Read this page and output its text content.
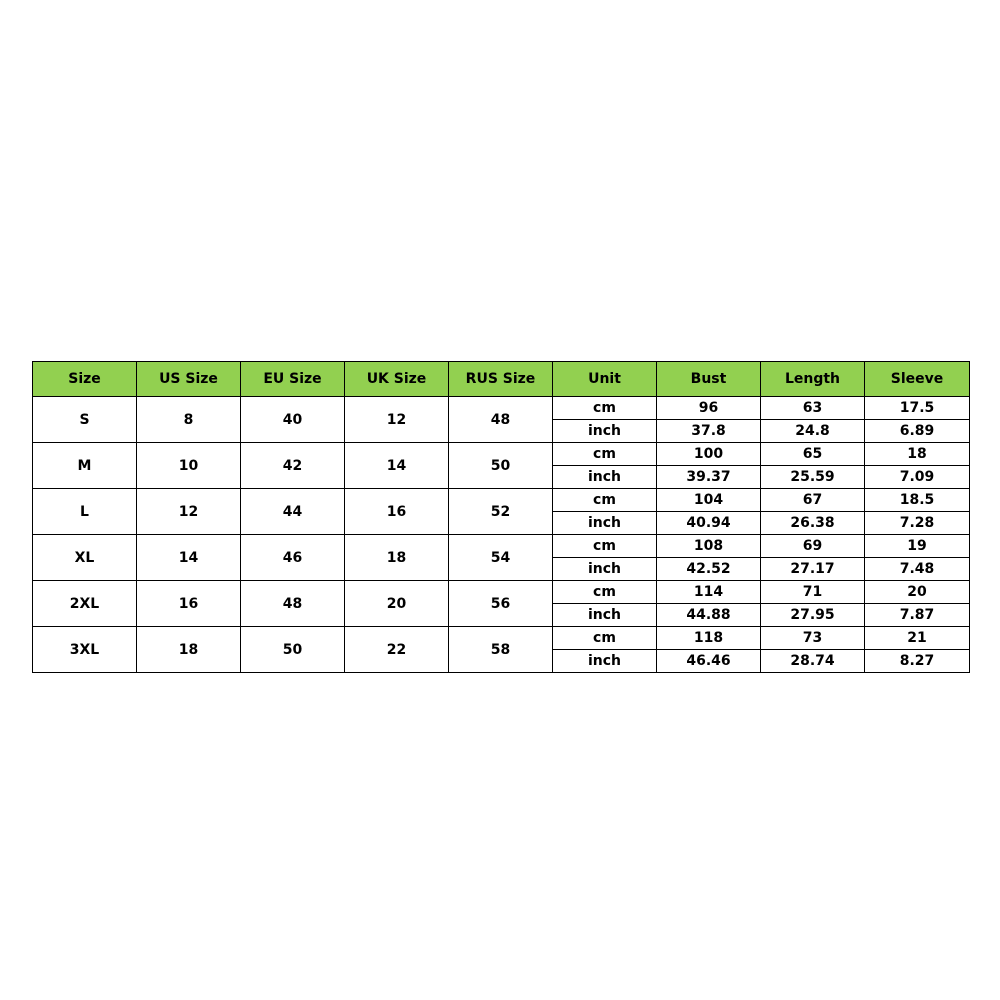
Size	US Size	EU Size	UK Size	RUS Size	Unit	Bust	Length	Sleeve
S	8	40	12	48	cm	96	63	17.5
					inch	37.8	24.8	6.89
M	10	42	14	50	cm	100	65	18
					inch	39.37	25.59	7.09
L	12	44	16	52	cm	104	67	18.5
					inch	40.94	26.38	7.28
XL	14	46	18	54	cm	108	69	19
					inch	42.52	27.17	7.48
2XL	16	48	20	56	cm	114	71	20
					inch	44.88	27.95	7.87
3XL	18	50	22	58	cm	118	73	21
					inch	46.46	28.74	8.27
